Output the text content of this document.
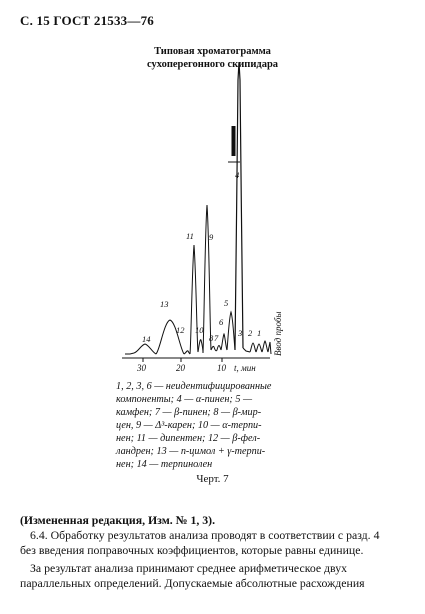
С. 15 ГОСТ 21533—76
Типовая хроматограмма
сухоперегонного скипидара
30	20	10 t, мин
Ввод пробы
14
13
12
11
10
9
8 7
6
5
4
3 2 1
1, 2, 3, 6 — неидентифицированные
компоненты; 4 — α-пинен; 5 —
камфен; 7 — β-пинен; 8 — β-мир-
цен, 9 — Δ³-карен; 10 — α-терпи-
нен; 11 — дипентен; 12 — β-фел-
ландрен; 13 — n-цимол + γ-терпи-
нен; 14 — терпинолен
Черт. 7
(Измененная редакция, Изм. № 1, 3).
6.4. Обработку результатов анализа проводят в соответствии с разд. 4
без введения поправочных коэффициентов, которые равны единице.
За результат анализа принимают среднее арифметическое двух
параллельных определений. Допускаемые абсолютные расхождения
